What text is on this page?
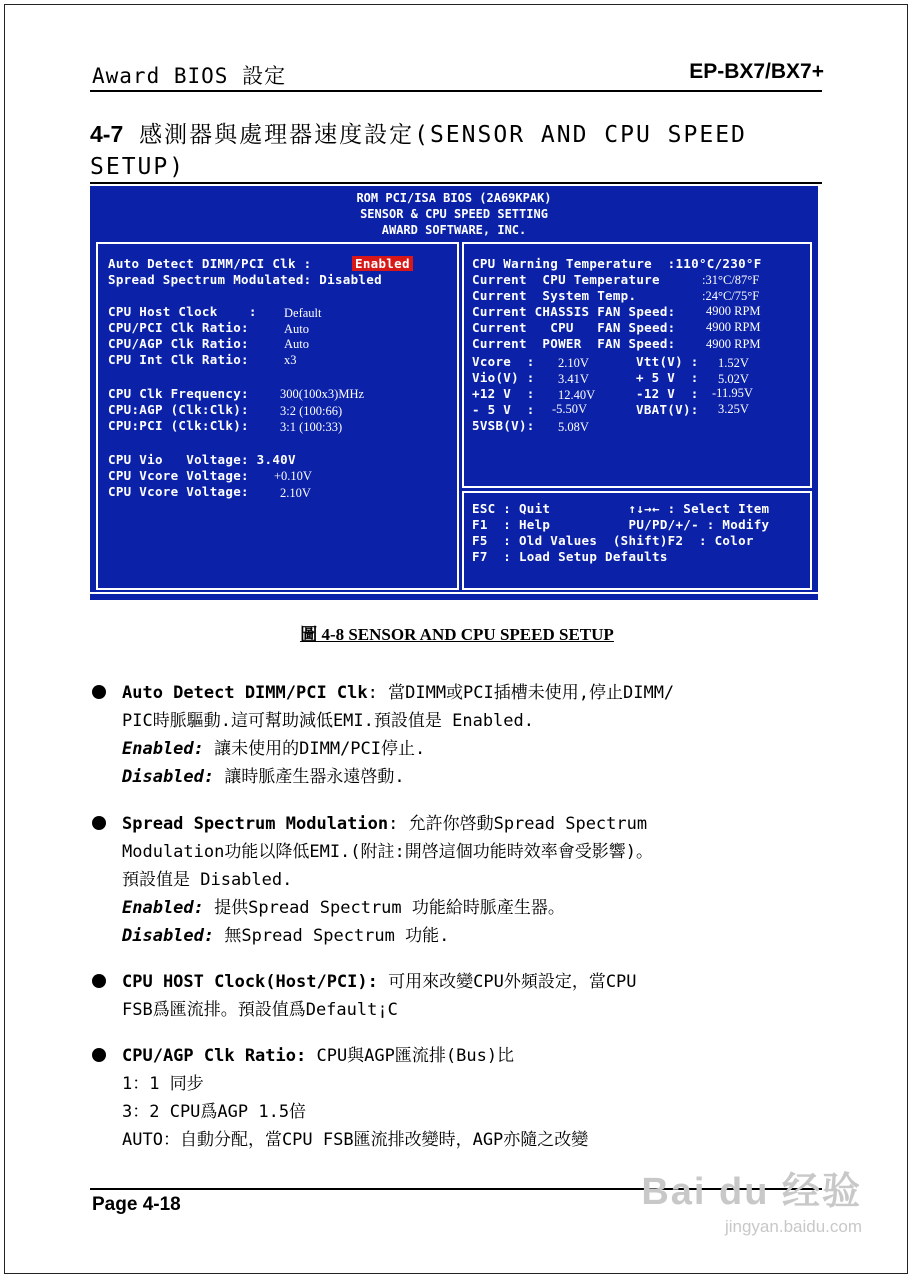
Award BIOS 設定	EP-BX7/BX7+
4-7 感測器與處理器速度設定(SENSOR AND CPU SPEED
SETUP)
ROM PCI/ISA BIOS (2A69KPAK)
SENSOR & CPU SPEED SETTING
AWARD SOFTWARE, INC.
Auto Detect DIMM/PCI Clk :	Enabled
Spread Spectrum Modulated: Disabled
CPU Host Clock    : Default
CPU/PCI Clk Ratio:	Auto
CPU/AGP Clk Ratio:	Auto
CPU Int Clk Ratio:	x3
CPU Clk Frequency: 300(100x3)MHz
CPU:AGP (Clk:Clk): 3:2 (100:66)
CPU:PCI (Clk:Clk): 3:1 (100:33)
CPU Vio   Voltage: 3.40V
CPU Vcore Voltage: +0.10V
CPU Vcore Voltage: 2.10V
CPU Warning Temperature  :110°C/230°F
Current  CPU Temperature	:31°C/87°F
Current  System Temp.	:24°C/75°F
Current CHASSIS FAN Speed: 4900 RPM
Current   CPU   FAN Speed: 4900 RPM
Current  POWER  FAN Speed: 4900 RPM
Vcore  : 2.10V	Vtt(V) : 1.52V
Vio(V) : 3.41V	+ 5 V  : 5.02V
+12 V  : 12.40V	-12 V  : -11.95V
- 5 V  : -5.50V	VBAT(V): 3.25V
5VSB(V): 5.08V
ESC : Quit          ↑↓→← : Select Item
F1  : Help          PU/PD/+/- : Modify
F5  : Old Values  (Shift)F2  : Color
F7  : Load Setup Defaults
圖 4-8 SENSOR AND CPU SPEED SETUP
Auto Detect DIMM/PCI Clk: 當DIMM或PCI插槽未使用,停止DIMM/
PIC時脈驅動.這可幫助減低EMI.預設值是 Enabled.
Enabled: 讓未使用的DIMM/PCI停止.
Disabled: 讓時脈產生器永遠啓動.
Spread Spectrum Modulation: 允許你啓動Spread Spectrum
Modulation功能以降低EMI.(附註:開啓這個功能時效率會受影響)。
預設值是 Disabled.
Enabled: 提供Spread Spectrum 功能給時脈產生器。
Disabled: 無Spread Spectrum 功能.
CPU HOST Clock(Host/PCI): 可用來改變CPU外頻設定，當CPU
FSB爲匯流排。預設值爲Default¡C
CPU/AGP Clk Ratio: CPU與AGP匯流排(Bus)比
1：1 同步
3：2 CPU爲AGP 1.5倍
AUTO：自動分配，當CPU FSB匯流排改變時，AGP亦隨之改變
Page 4-18	Bai du 经验
jingyan.baidu.com
